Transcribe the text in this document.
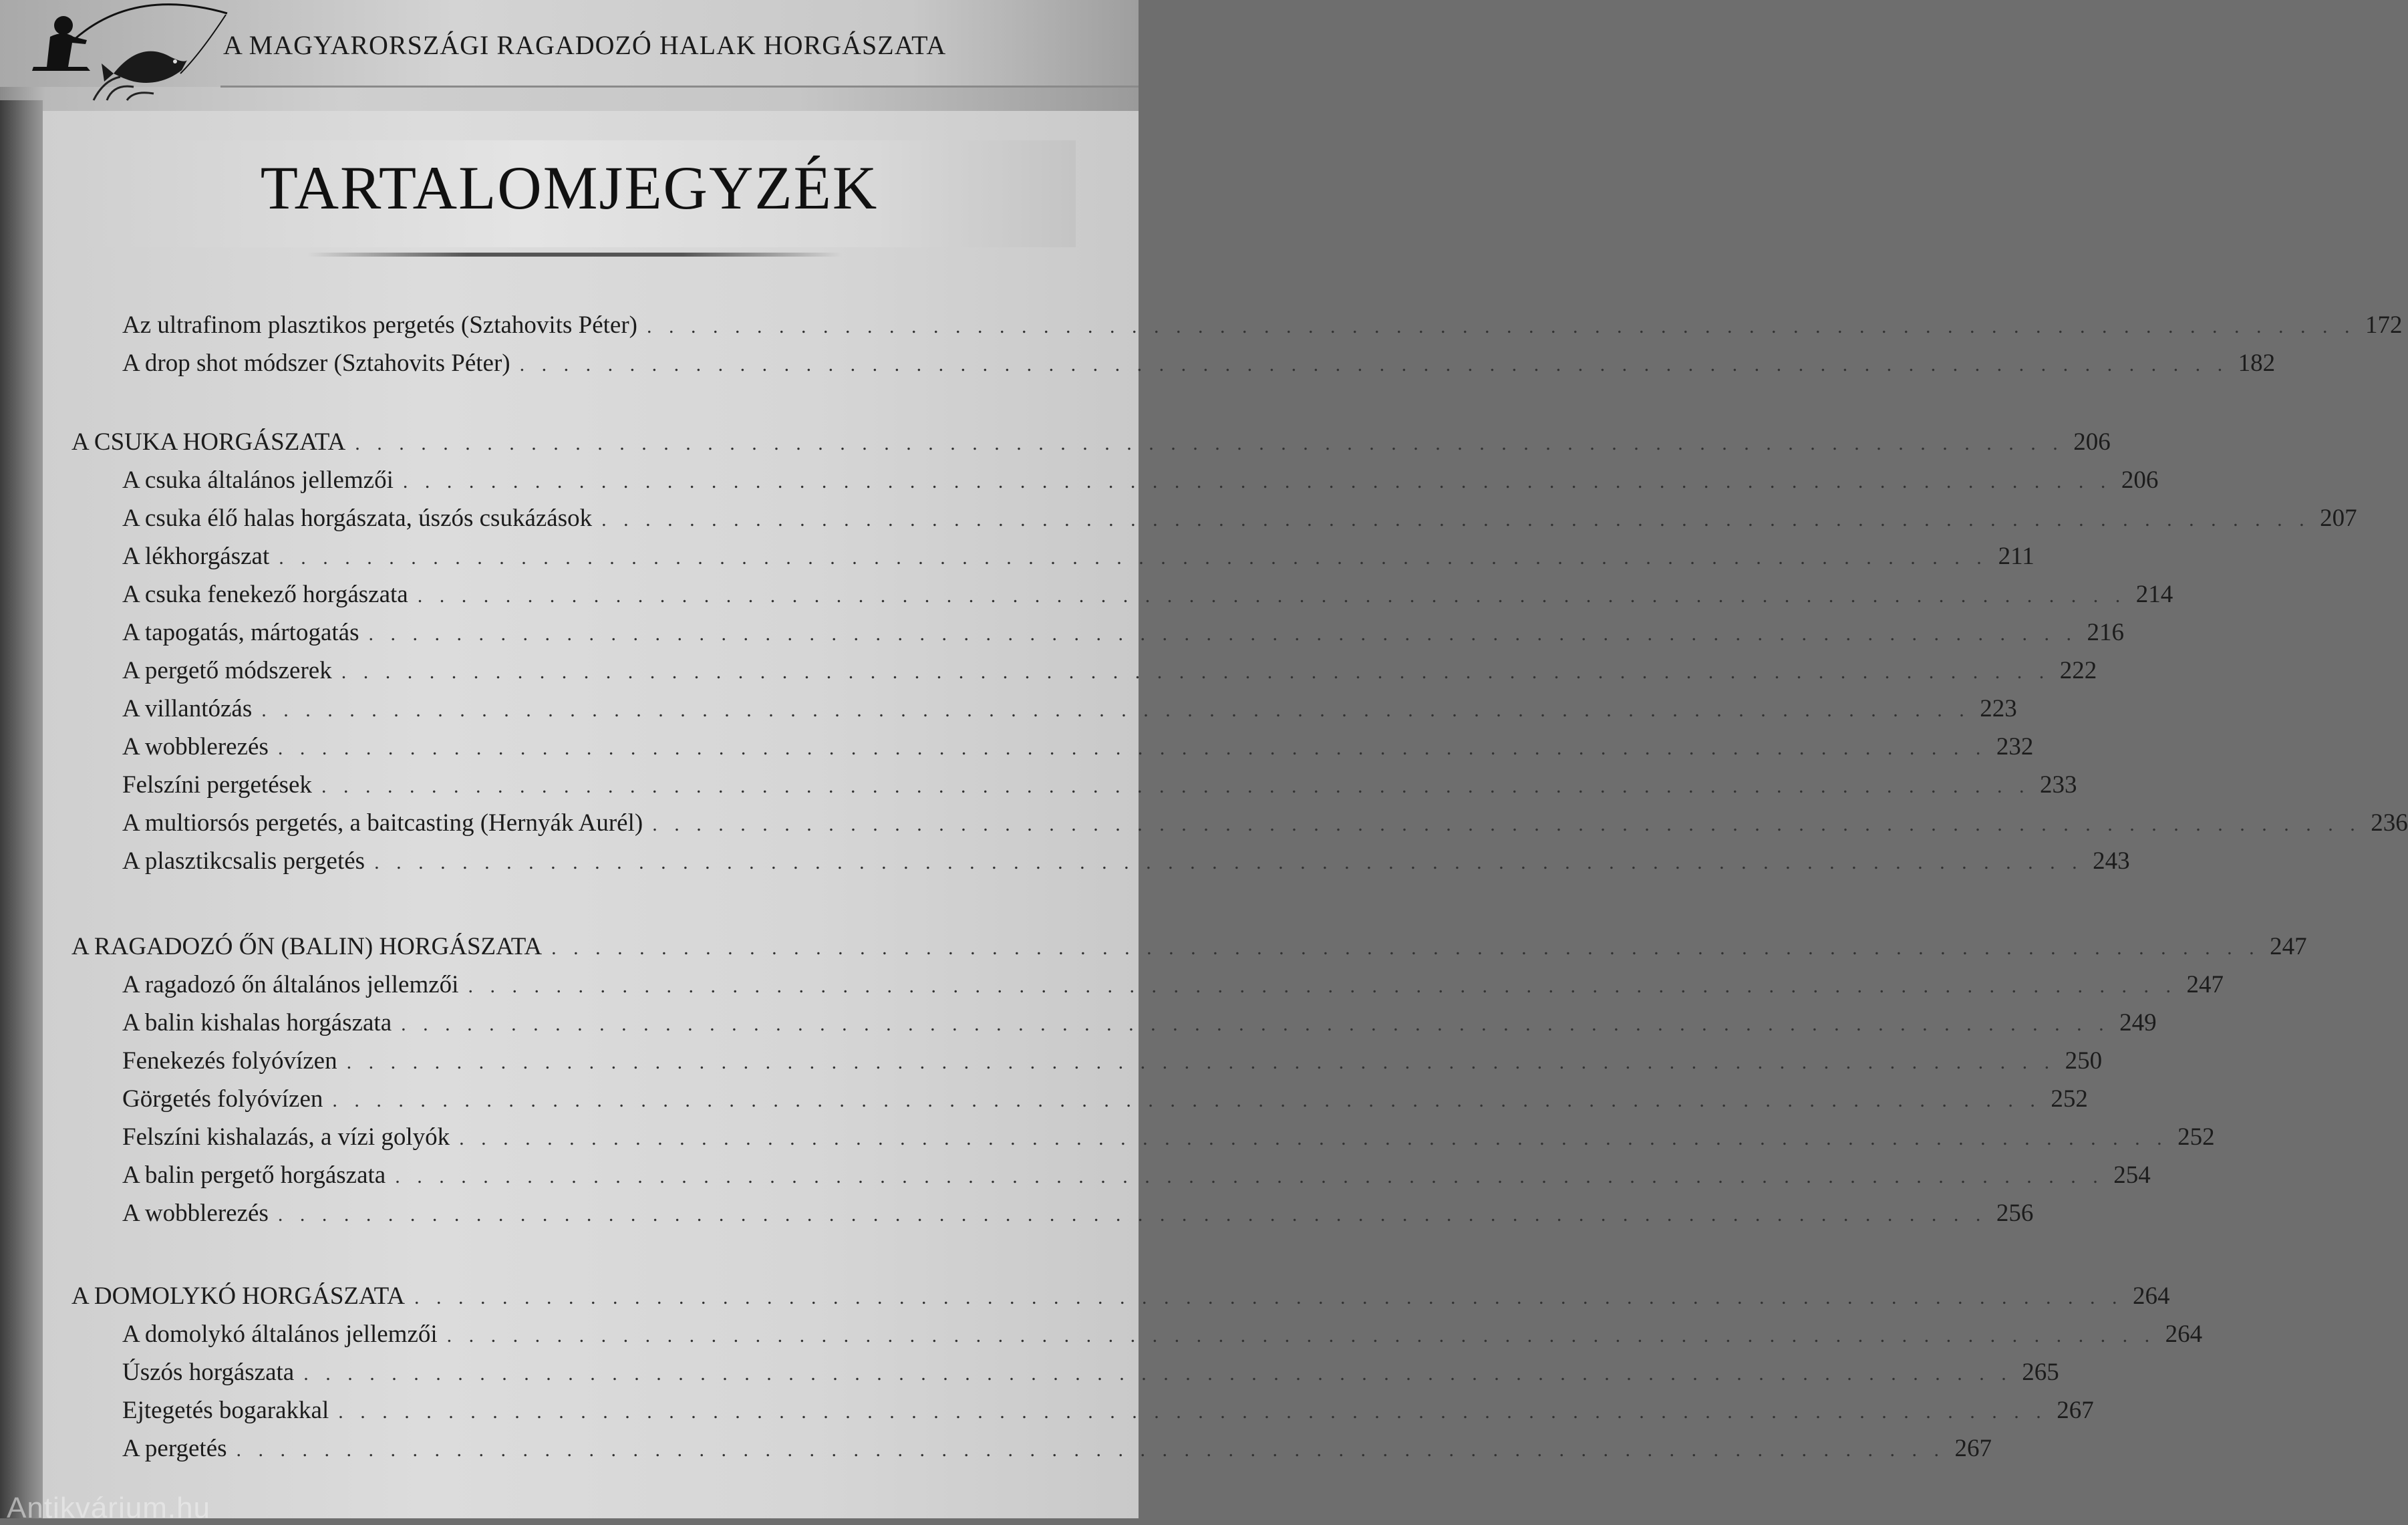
A MAGYARORSZÁGI RAGADOZÓ HALAK HORGÁSZATA
TARTALOMJEGYZÉK
Az ultrafinom plasztikos pergetés (Sztahovits Péter) . . . . . . . . . . . . . . . . . . . . . . . . . . . . . . . . . . . . . . . . . . . . . . . . . . . . . . . . . . . . . . . . . . . . . . . . . . . . . . 172
A drop shot módszer (Sztahovits Péter) . . . . . . . . . . . . . . . . . . . . . . . . . . . . . . . . . . . . . . . . . . . . . . . . . . . . . . . . . . . . . . . . . . . . . . . . . . . . . . 182
A CSUKA HORGÁSZATA . . . . . . . . . . . . . . . . . . . . . . . . . . . . . . . . . . . . . . . . . . . . . . . . . . . . . . . . . . . . . . . . . . . . . . . . . . . . . . 206
A csuka általános jellemzői . . . . . . . . . . . . . . . . . . . . . . . . . . . . . . . . . . . . . . . . . . . . . . . . . . . . . . . . . . . . . . . . . . . . . . . . . . . . . . 206
A csuka élő halas horgászata, úszós csukázások . . . . . . . . . . . . . . . . . . . . . . . . . . . . . . . . . . . . . . . . . . . . . . . . . . . . . . . . . . . . . . . . . . . . . . . . . . . . . . 207
A lékhorgászat . . . . . . . . . . . . . . . . . . . . . . . . . . . . . . . . . . . . . . . . . . . . . . . . . . . . . . . . . . . . . . . . . . . . . . . . . . . . . . 211
A csuka fenekező horgászata . . . . . . . . . . . . . . . . . . . . . . . . . . . . . . . . . . . . . . . . . . . . . . . . . . . . . . . . . . . . . . . . . . . . . . . . . . . . . . 214
A tapogatás, mártogatás . . . . . . . . . . . . . . . . . . . . . . . . . . . . . . . . . . . . . . . . . . . . . . . . . . . . . . . . . . . . . . . . . . . . . . . . . . . . . . 216
A pergető módszerek . . . . . . . . . . . . . . . . . . . . . . . . . . . . . . . . . . . . . . . . . . . . . . . . . . . . . . . . . . . . . . . . . . . . . . . . . . . . . . 222
A villantózás . . . . . . . . . . . . . . . . . . . . . . . . . . . . . . . . . . . . . . . . . . . . . . . . . . . . . . . . . . . . . . . . . . . . . . . . . . . . . . 223
A wobblerezés . . . . . . . . . . . . . . . . . . . . . . . . . . . . . . . . . . . . . . . . . . . . . . . . . . . . . . . . . . . . . . . . . . . . . . . . . . . . . . 232
Felszíni pergetések . . . . . . . . . . . . . . . . . . . . . . . . . . . . . . . . . . . . . . . . . . . . . . . . . . . . . . . . . . . . . . . . . . . . . . . . . . . . . . 233
A multiorsós pergetés, a baitcasting (Hernyák Aurél) . . . . . . . . . . . . . . . . . . . . . . . . . . . . . . . . . . . . . . . . . . . . . . . . . . . . . . . . . . . . . . . . . . . . . . . . . . . . . . 236
A plasztikcsalis pergetés . . . . . . . . . . . . . . . . . . . . . . . . . . . . . . . . . . . . . . . . . . . . . . . . . . . . . . . . . . . . . . . . . . . . . . . . . . . . . . 243
A RAGADOZÓ ŐN (BALIN) HORGÁSZATA . . . . . . . . . . . . . . . . . . . . . . . . . . . . . . . . . . . . . . . . . . . . . . . . . . . . . . . . . . . . . . . . . . . . . . . . . . . . . . 247
A ragadozó őn általános jellemzői . . . . . . . . . . . . . . . . . . . . . . . . . . . . . . . . . . . . . . . . . . . . . . . . . . . . . . . . . . . . . . . . . . . . . . . . . . . . . . 247
A balin kishalas horgászata . . . . . . . . . . . . . . . . . . . . . . . . . . . . . . . . . . . . . . . . . . . . . . . . . . . . . . . . . . . . . . . . . . . . . . . . . . . . . . 249
Fenekezés folyóvízen . . . . . . . . . . . . . . . . . . . . . . . . . . . . . . . . . . . . . . . . . . . . . . . . . . . . . . . . . . . . . . . . . . . . . . . . . . . . . . 250
Görgetés folyóvízen . . . . . . . . . . . . . . . . . . . . . . . . . . . . . . . . . . . . . . . . . . . . . . . . . . . . . . . . . . . . . . . . . . . . . . . . . . . . . . 252
Felszíni kishalazás, a vízi golyók . . . . . . . . . . . . . . . . . . . . . . . . . . . . . . . . . . . . . . . . . . . . . . . . . . . . . . . . . . . . . . . . . . . . . . . . . . . . . . 252
A balin pergető horgászata . . . . . . . . . . . . . . . . . . . . . . . . . . . . . . . . . . . . . . . . . . . . . . . . . . . . . . . . . . . . . . . . . . . . . . . . . . . . . . 254
A wobblerezés . . . . . . . . . . . . . . . . . . . . . . . . . . . . . . . . . . . . . . . . . . . . . . . . . . . . . . . . . . . . . . . . . . . . . . . . . . . . . . 256
A DOMOLYKÓ HORGÁSZATA . . . . . . . . . . . . . . . . . . . . . . . . . . . . . . . . . . . . . . . . . . . . . . . . . . . . . . . . . . . . . . . . . . . . . . . . . . . . . . 264
A domolykó általános jellemzői . . . . . . . . . . . . . . . . . . . . . . . . . . . . . . . . . . . . . . . . . . . . . . . . . . . . . . . . . . . . . . . . . . . . . . . . . . . . . . 264
Úszós horgászata . . . . . . . . . . . . . . . . . . . . . . . . . . . . . . . . . . . . . . . . . . . . . . . . . . . . . . . . . . . . . . . . . . . . . . . . . . . . . . 265
Ejtegetés bogarakkal . . . . . . . . . . . . . . . . . . . . . . . . . . . . . . . . . . . . . . . . . . . . . . . . . . . . . . . . . . . . . . . . . . . . . . . . . . . . . . 267
A pergetés . . . . . . . . . . . . . . . . . . . . . . . . . . . . . . . . . . . . . . . . . . . . . . . . . . . . . . . . . . . . . . . . . . . . . . . . . . . . . . 267
Antikvárium.hu
